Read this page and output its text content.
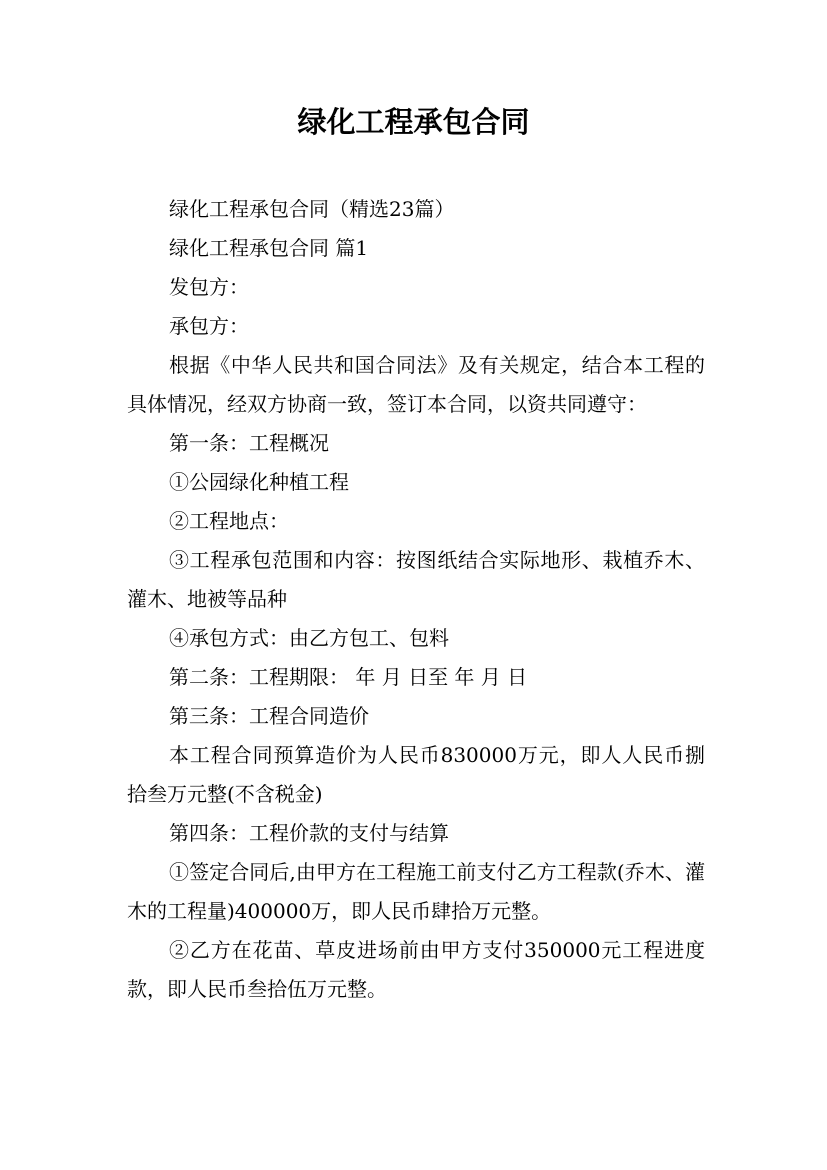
绿化工程承包合同

绿化工程承包合同（精选23篇）

绿化工程承包合同 篇1

发包方：

承包方：

根据《中华人民共和国合同法》及有关规定，结合本工程的具体情况，经双方协商一致，签订本合同，以资共同遵守：

第一条：工程概况

①公园绿化种植工程

②工程地点：

③工程承包范围和内容：按图纸结合实际地形、栽植乔木、灌木、地被等品种

④承包方式：由乙方包工、包料

第二条：工程期限： 年 月 日至 年 月 日

第三条：工程合同造价

本工程合同预算造价为人民币830000万元，即人人民币捌拾叁万元整(不含税金)

第四条：工程价款的支付与结算

①签定合同后,由甲方在工程施工前支付乙方工程款(乔木、灌木的工程量)400000万，即人民币肆拾万元整。

②乙方在花苗、草皮进场前由甲方支付350000元工程进度款，即人民币叁拾伍万元整。
